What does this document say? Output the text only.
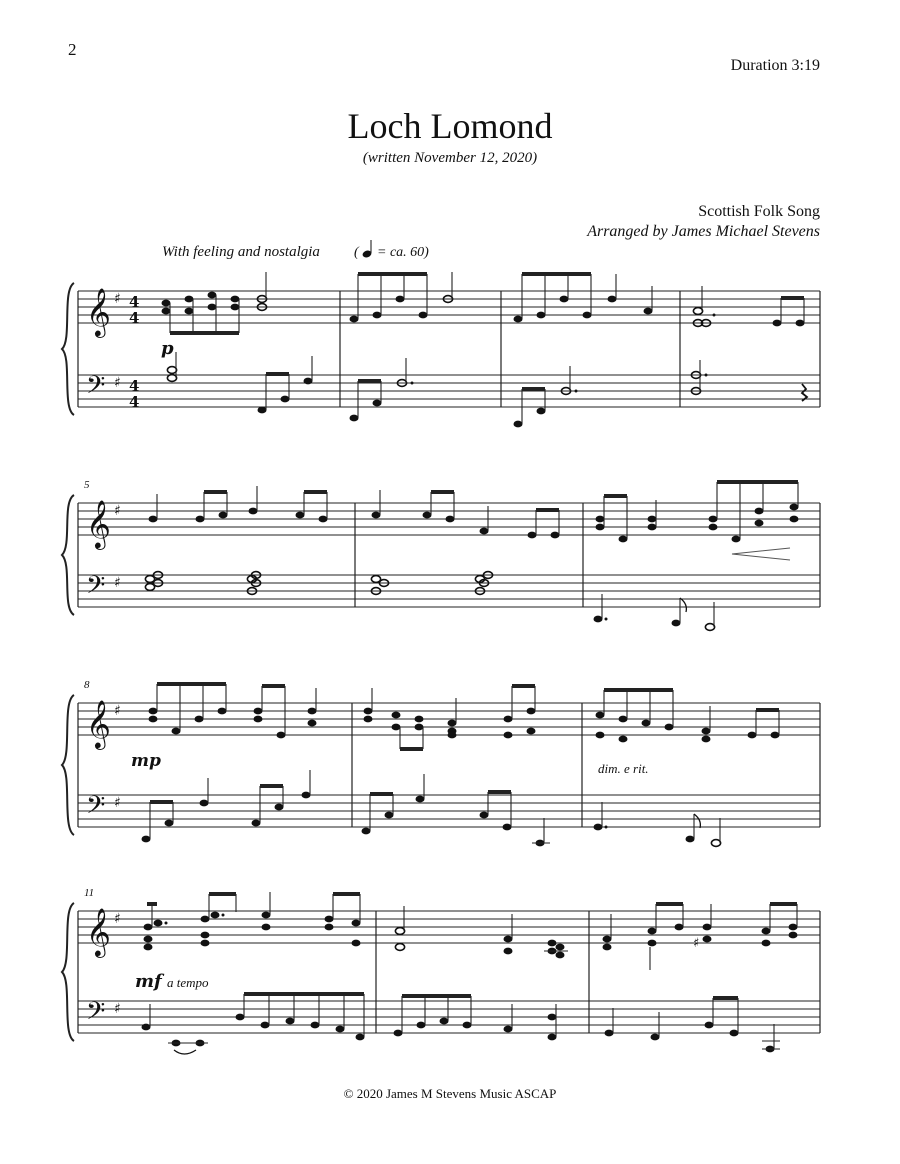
2
Duration 3:19
Loch Lomond
(written November 12, 2020)
Scottish Folk Song
Arranged by James Michael Stevens
With feeling and nostalgia ( = ca. 60)
𝄞
𝄢
♯
♯
4
4
4
4
p
5
𝄞
𝄢
♯
♯
8
𝄞
𝄢
♯
♯
mp	dim. e rit.
11
𝄞
𝄢
♯
♯
mf a tempo
♯
© 2020 James M Stevens Music ASCAP
